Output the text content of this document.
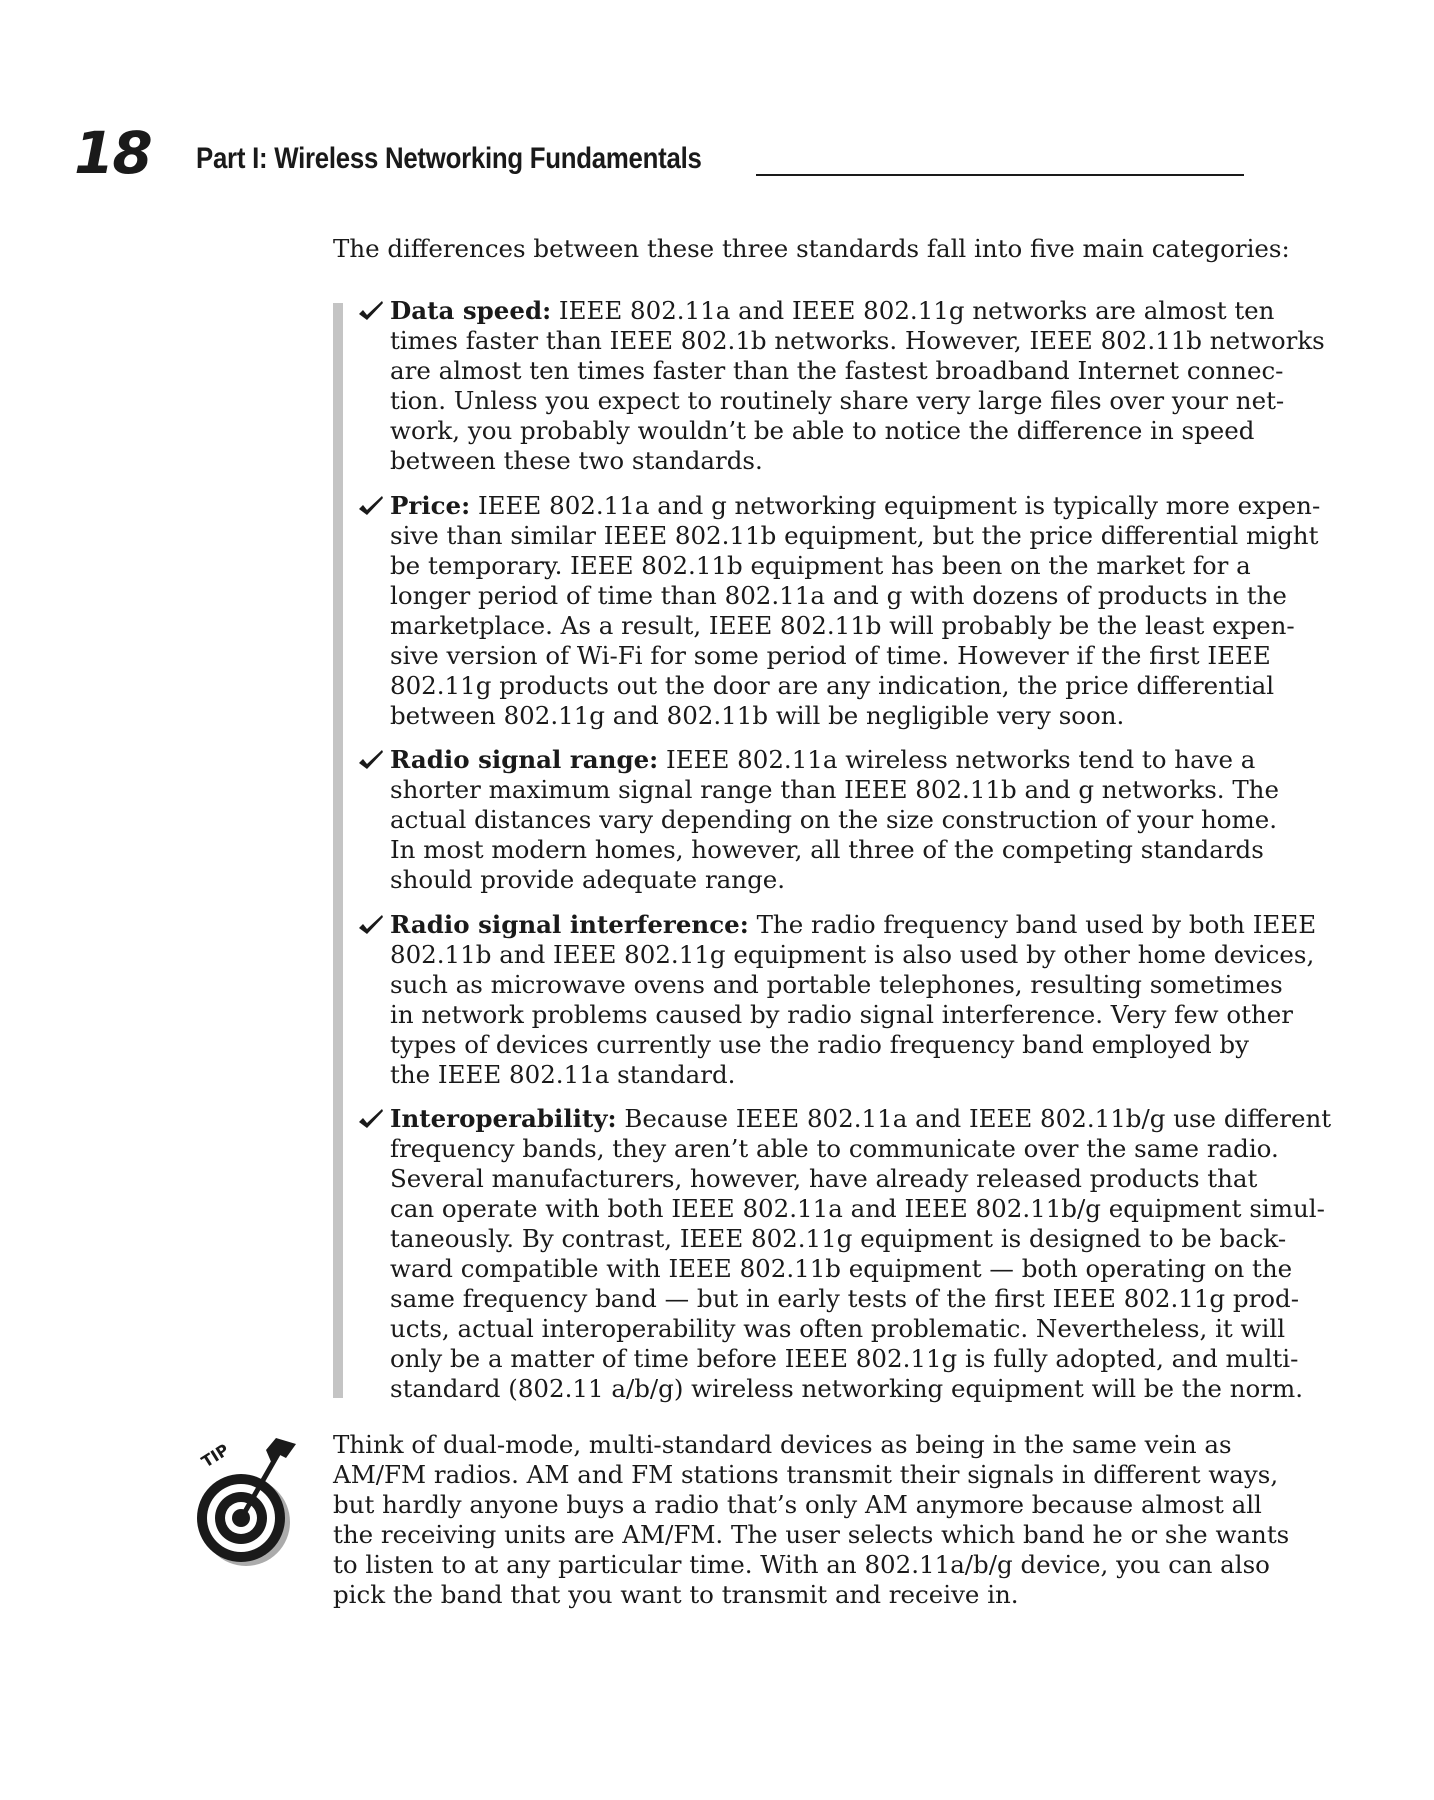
18 Part I: Wireless Networking Fundamentals

The differences between these three standards fall into five main categories:

Data speed: IEEE 802.11a and IEEE 802.11g networks are almost ten
times faster than IEEE 802.1b networks. However, IEEE 802.11b networks
are almost ten times faster than the fastest broadband Internet connec-
tion. Unless you expect to routinely share very large files over your net-
work, you probably wouldn’t be able to notice the difference in speed
between these two standards.
Price: IEEE 802.11a and g networking equipment is typically more expen-
sive than similar IEEE 802.11b equipment, but the price differential might
be temporary. IEEE 802.11b equipment has been on the market for a
longer period of time than 802.11a and g with dozens of products in the
marketplace. As a result, IEEE 802.11b will probably be the least expen-
sive version of Wi-Fi for some period of time. However if the first IEEE
802.11g products out the door are any indication, the price differential
between 802.11g and 802.11b will be negligible very soon.
Radio signal range: IEEE 802.11a wireless networks tend to have a
shorter maximum signal range than IEEE 802.11b and g networks. The
actual distances vary depending on the size construction of your home.
In most modern homes, however, all three of the competing standards
should provide adequate range.
Radio signal interference: The radio frequency band used by both IEEE
802.11b and IEEE 802.11g equipment is also used by other home devices,
such as microwave ovens and portable telephones, resulting sometimes
in network problems caused by radio signal interference. Very few other
types of devices currently use the radio frequency band employed by
the IEEE 802.11a standard.
Interoperability: Because IEEE 802.11a and IEEE 802.11b/g use different
frequency bands, they aren’t able to communicate over the same radio.
Several manufacturers, however, have already released products that
can operate with both IEEE 802.11a and IEEE 802.11b/g equipment simul-
taneously. By contrast, IEEE 802.11g equipment is designed to be back-
ward compatible with IEEE 802.11b equipment — both operating on the
same frequency band — but in early tests of the first IEEE 802.11g prod-
ucts, actual interoperability was often problematic. Nevertheless, it will
only be a matter of time before IEEE 802.11g is fully adopted, and multi-
standard (802.11 a/b/g) wireless networking equipment will be the norm.
TIP	Think of dual-mode, multi-standard devices as being in the same vein as
AM/FM radios. AM and FM stations transmit their signals in different ways,
but hardly anyone buys a radio that’s only AM anymore because almost all
the receiving units are AM/FM. The user selects which band he or she wants
to listen to at any particular time. With an 802.11a/b/g device, you can also
pick the band that you want to transmit and receive in.
